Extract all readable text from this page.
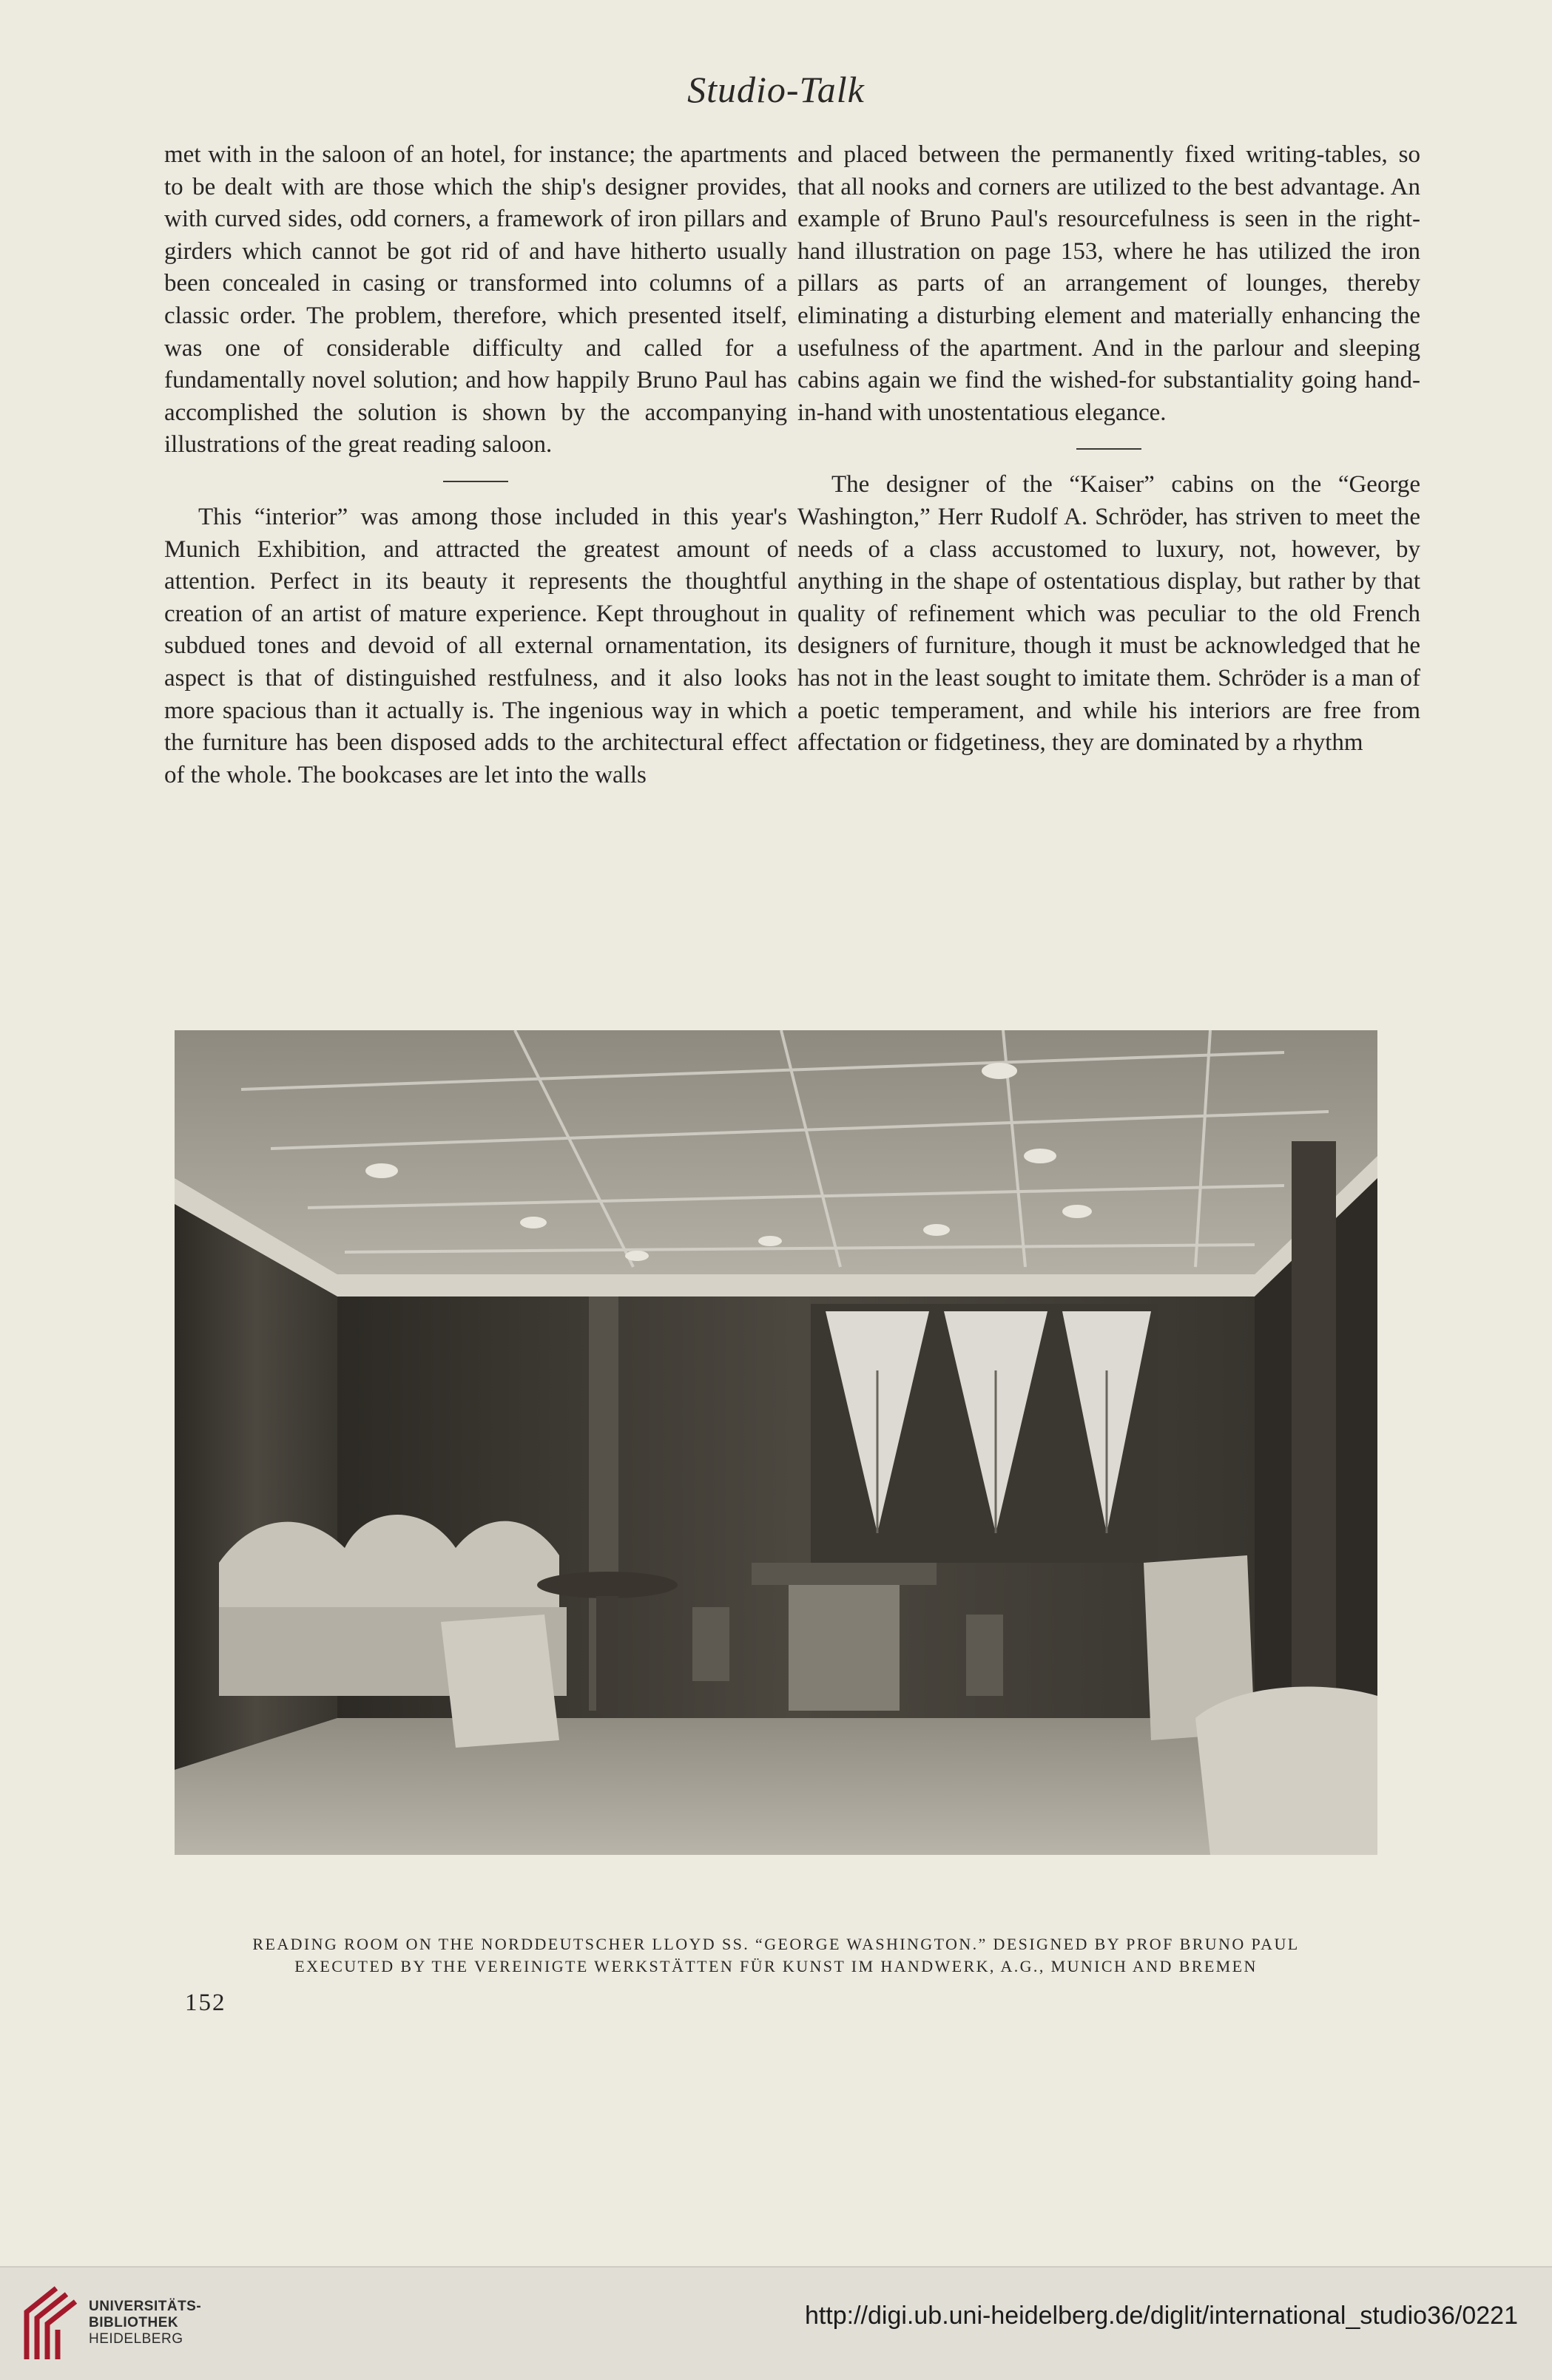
Studio-Talk

met with in the saloon of an hotel, for instance; the apartments to be dealt with are those which the ship's designer provides, with curved sides, odd corners, a framework of iron pillars and girders which cannot be got rid of and have hitherto usually been concealed in casing or transformed into columns of a classic order. The problem, therefore, which presented itself, was one of considerable difficulty and called for a fundamentally novel solution; and how happily Bruno Paul has accomplished the solution is shown by the accompanying illustrations of the great reading saloon.

This “interior” was among those included in this year's Munich Exhibition, and attracted the greatest amount of attention. Perfect in its beauty it represents the thoughtful creation of an artist of mature experience. Kept throughout in subdued tones and devoid of all external ornamentation, its aspect is that of distinguished restfulness, and it also looks more spacious than it actually is. The ingenious way in which the furniture has been disposed adds to the architectural effect of the whole. The bookcases are let into the walls

and placed between the permanently fixed writing-tables, so that all nooks and corners are utilized to the best advantage. An example of Bruno Paul's resourcefulness is seen in the right-hand illustration on page 153, where he has utilized the iron pillars as parts of an arrangement of lounges, thereby eliminating a disturbing element and materially enhancing the usefulness of the apartment. And in the parlour and sleeping cabins again we find the wished-for substantiality going hand-in-hand with unostentatious elegance.

The designer of the “Kaiser” cabins on the “George Washington,” Herr Rudolf A. Schröder, has striven to meet the needs of a class accustomed to luxury, not, however, by anything in the shape of ostentatious display, but rather by that quality of refinement which was peculiar to the old French designers of furniture, though it must be acknowledged that he has not in the least sought to imitate them. Schröder is a man of a poetic temperament, and while his interiors are free from affectation or fidgetiness, they are dominated by a rhythm

READING ROOM ON THE NORDDEUTSCHER LLOYD SS. “GEORGE WASHINGTON.” DESIGNED BY PROF BRUNO PAUL
EXECUTED BY THE VEREINIGTE WERKSTÄTTEN FÜR KUNST IM HANDWERK, A.G., MUNICH AND BREMEN
152
UNIVERSITÄTS-
BIBLIOTHEK
HEIDELBERG
http://digi.ub.uni-heidelberg.de/diglit/international_studio36/0221
